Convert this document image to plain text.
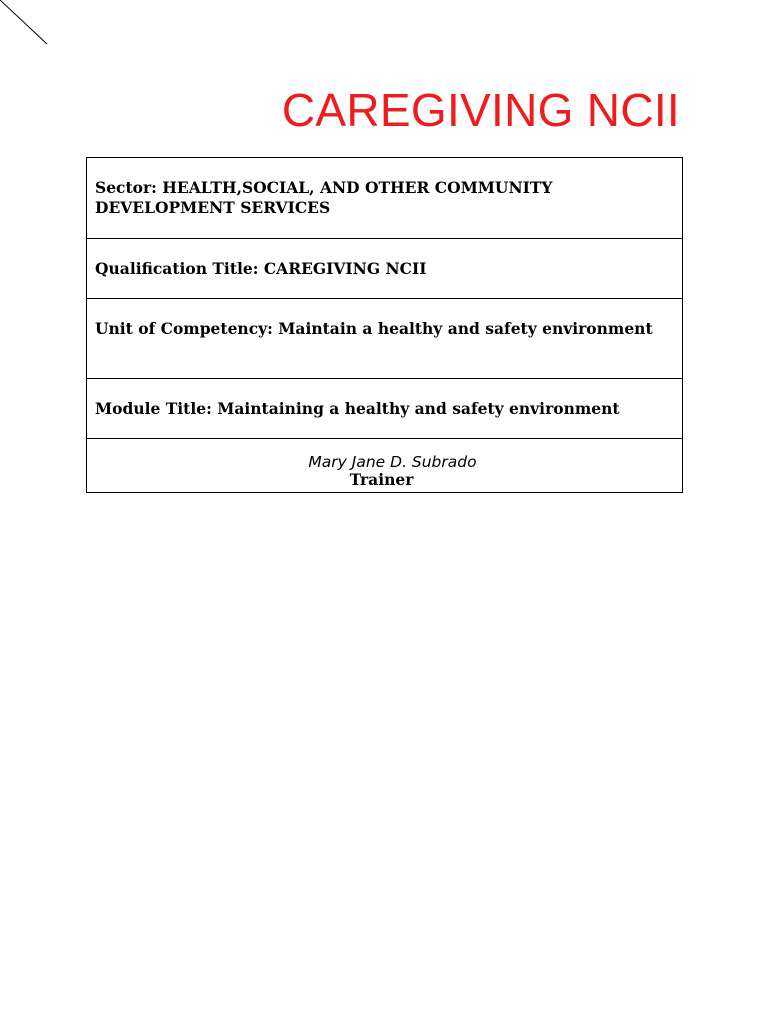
CAREGIVING NCII
Sector: HEALTH,SOCIAL, AND OTHER COMMUNITY DEVELOPMENT SERVICES
Qualification Title: CAREGIVING NCII
Unit of Competency: Maintain a healthy and safety environment
Module Title: Maintaining a healthy and safety environment
Mary Jane D. Subrado
Trainer
